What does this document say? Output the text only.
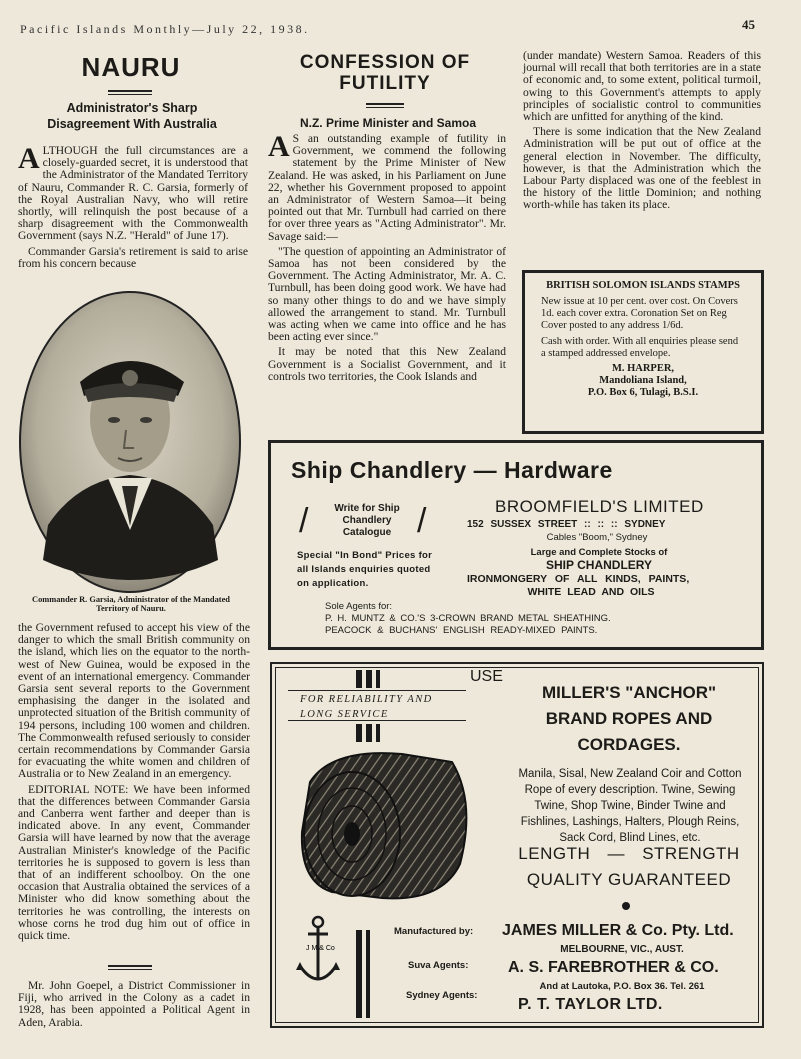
Pacific Islands Monthly—July 22, 1938.	45
NAURU
Administrator's Sharp Disagreement With Australia

ALTHOUGH the full circumstances are a closely-guarded secret, it is understood that the Administrator of the Mandated Territory of Nauru, Commander R. C. Garsia, formerly of the Royal Australian Navy, who will retire shortly, will relinquish the post because of a sharp disagreement with the Commonwealth Government (says N.Z. "Herald" of June 17).

Commander Garsia's retirement is said to arise from his concern because

Commander R. Garsia, Administrator of the Mandated Territory of Nauru.

the Government refused to accept his view of the danger to which the small British community on the island, which lies on the equator to the north-west of New Guinea, would be exposed in the event of an international emergency. Commander Garsia sent several reports to the Government emphasising the danger in the isolated and unprotected situation of the British community of 194 persons, including 100 women and children. The Commonwealth refused seriously to consider certain recommendations by Commander Garsia for evacuating the white women and children of Australia or to New Zealand in an emergency.

EDITORIAL NOTE: We have been informed that the differences between Commander Garsia and Canberra went farther and deeper than is indicated above. In any event, Commander Garsia will have learned by now that the average Australian Minister's knowledge of the Pacific territories he is supposed to govern is less than that of an indifferent schoolboy. On the one occasion that Australia obtained the services of a Minister who did know something about the territories he was controlling, the interests on whose corns he trod dug him out of office in quick time.

Mr. John Goepel, a District Commissioner in Fiji, who arrived in the Colony as a cadet in 1928, has been appointed a Political Agent in Aden, Arabia.

CONFESSION OF FUTILITY
N.Z. Prime Minister and Samoa

A S an outstanding example of futility in Government, we commend the following statement by the Prime Minister of New Zealand. He was asked, in his Parliament on June 22, whether his Government proposed to appoint an Administrator of Western Samoa—it being pointed out that Mr. Turnbull had carried on there for over three years as "Acting Administrator". Mr. Savage said:—

"The question of appointing an Administrator of Samoa has not been considered by the Government. The Acting Administrator, Mr. A. C. Turnbull, has been doing good work. We have had so many other things to do and we have simply allowed the arrangement to stand. Mr. Turnbull was acting when we came into office and he has been acting ever since."

It may be noted that this New Zealand Government is a Socialist Government, and it controls two territories, the Cook Islands and

(under mandate) Western Samoa. Readers of this journal will recall that both territories are in a state of economic and, to some extent, political turmoil, owing to this Government's attempts to apply principles of socialistic control to communities which are unfitted for anything of the kind.

There is some indication that the New Zealand Administration will be put out of office at the general election in November. The difficulty, however, is that the Administration which the Labour Party displaced was one of the feeblest in the history of the little Dominion; and nothing worth-while has taken its place.

BRITISH SOLOMON ISLANDS STAMPS
New issue at 10 per cent. over cost. On Covers 1d. each cover extra. Coronation Set on Reg Cover posted to any address 1/6d.
Cash with order. With all enquiries please send a stamped addressed envelope.
M. HARPER,
Mandoliana Island,
P.O. Box 6, Tulagi, B.S.I.
Ship Chandlery — Hardware
/	Write for Ship Chandlery Catalogue /	BROOMFIELD'S LIMITED
152 SUSSEX STREET :: :: :: SYDNEY
Cables "Boom," Sydney
Special "In Bond" Prices for all Islands enquiries quoted on application.
Large and Complete Stocks of
SHIP CHANDLERY
IRONMONGERY OF ALL KINDS, PAINTS,
WHITE LEAD AND OILS
Sole Agents for:
P. H. MUNTZ & CO.'S 3-CROWN BRAND METAL SHEATHING.
PEACOCK & BUCHANS' ENGLISH READY-MIXED PAINTS.
USE
FOR RELIABILITY AND LONG SERVICE
MILLER'S "ANCHOR" BRAND ROPES AND CORDAGES.
Manila, Sisal, New Zealand Coir and Cotton Rope of every description. Twine, Sewing Twine, Shop Twine, Binder Twine and Fishlines, Lashings, Halters, Plough Reins, Sack Cord, Blind Lines, etc.
LENGTH — STRENGTH
QUALITY GUARANTEED
J M & Co
Manufactured by: JAMES MILLER & Co. Pty. Ltd.
MELBOURNE, VIC., AUST.
Suva Agents: A. S. FAREBROTHER & CO.
And at Lautoka, P.O. Box 36. Tel. 261
Sydney Agents:
P. T. TAYLOR LTD.
